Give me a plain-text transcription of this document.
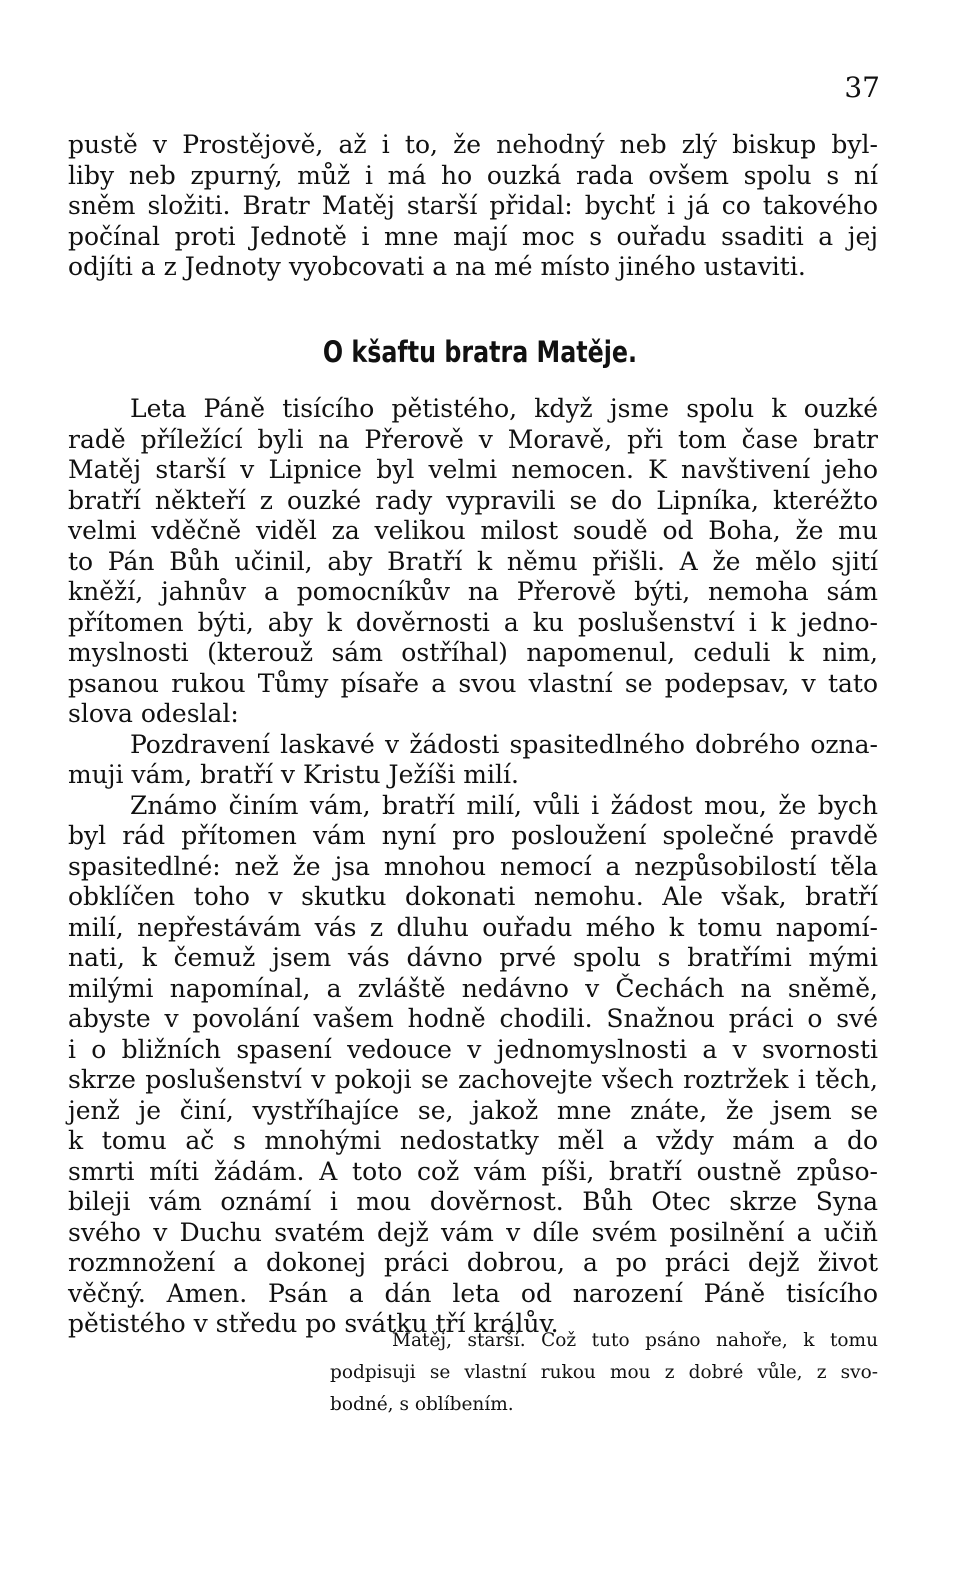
37
pustě v Prostějově, až i to, že nehodný neb zlý biskup byl-
liby neb zpurný, můž i má ho ouzká rada ovšem spolu s ní
sněm složiti. Bratr Matěj starší přidal: bychť i já co takového
počínal proti Jednotě i mne mají moc s ouřadu ssaditi a jej
odjíti a z Jednoty vyobcovati a na mé místo jiného ustaviti.
O kšaftu bratra Matěje.
Leta Páně tisícího pětistého, když jsme spolu k ouzké
radě příležící byli na Přerově v Moravě, při tom čase bratr
Matěj starší v Lipnice byl velmi nemocen. K navštivení jeho
bratří někteří z ouzké rady vypravili se do Lipníka, kteréžto
velmi vděčně viděl za velikou milost soudě od Boha, že mu
to Pán Bůh učinil, aby Bratří k němu přišli. A že mělo sjití
kněží, jahnův a pomocníkův na Přerově býti, nemoha sám
přítomen býti, aby k dověrnosti a ku poslušenství i k jedno-
myslnosti (kterouž sám ostříhal) napomenul, ceduli k nim,
psanou rukou Tůmy písaře a svou vlastní se podepsav, v tato
slova odeslal:
Pozdravení laskavé v žádosti spasitedlného dobrého ozna-
muji vám, bratří v Kristu Ježíši milí.
Známo činím vám, bratří milí, vůli i žádost mou, že bych
byl rád přítomen vám nyní pro posloužení společné pravdě
spasitedlné: než že jsa mnohou nemocí a nezpůsobilostí těla
obklíčen toho v skutku dokonati nemohu. Ale však, bratří
milí, nepřestávám vás z dluhu ouřadu mého k tomu napomí-
nati, k čemuž jsem vás dávno prvé spolu s bratřími mými
milými napomínal, a zvláště nedávno v Čechách na sněmě,
abyste v povolání vašem hodně chodili. Snažnou práci o své
i o bližních spasení vedouce v jednomyslnosti a v svornosti
skrze poslušenství v pokoji se zachovejte všech roztržek i těch,
jenž je činí, vystříhajíce se, jakož mne znáte, že jsem se
k tomu ač s mnohými nedostatky měl a vždy mám a do
smrti míti žádám. A toto což vám píši, bratří oustně způso-
bileji vám oznámí i mou dověrnost. Bůh Otec skrze Syna
svého v Duchu svatém dejž vám v díle svém posilnění a učiň
rozmnožení a dokonej práci dobrou, a po práci dejž život
věčný. Amen. Psán a dán leta od narození Páně tisícího
pětistého v středu po svátku tří králův.
Matěj, starší. Což tuto psáno nahoře, k tomu
podpisuji se vlastní rukou mou z dobré vůle, z svo-
bodné, s oblíbením.
